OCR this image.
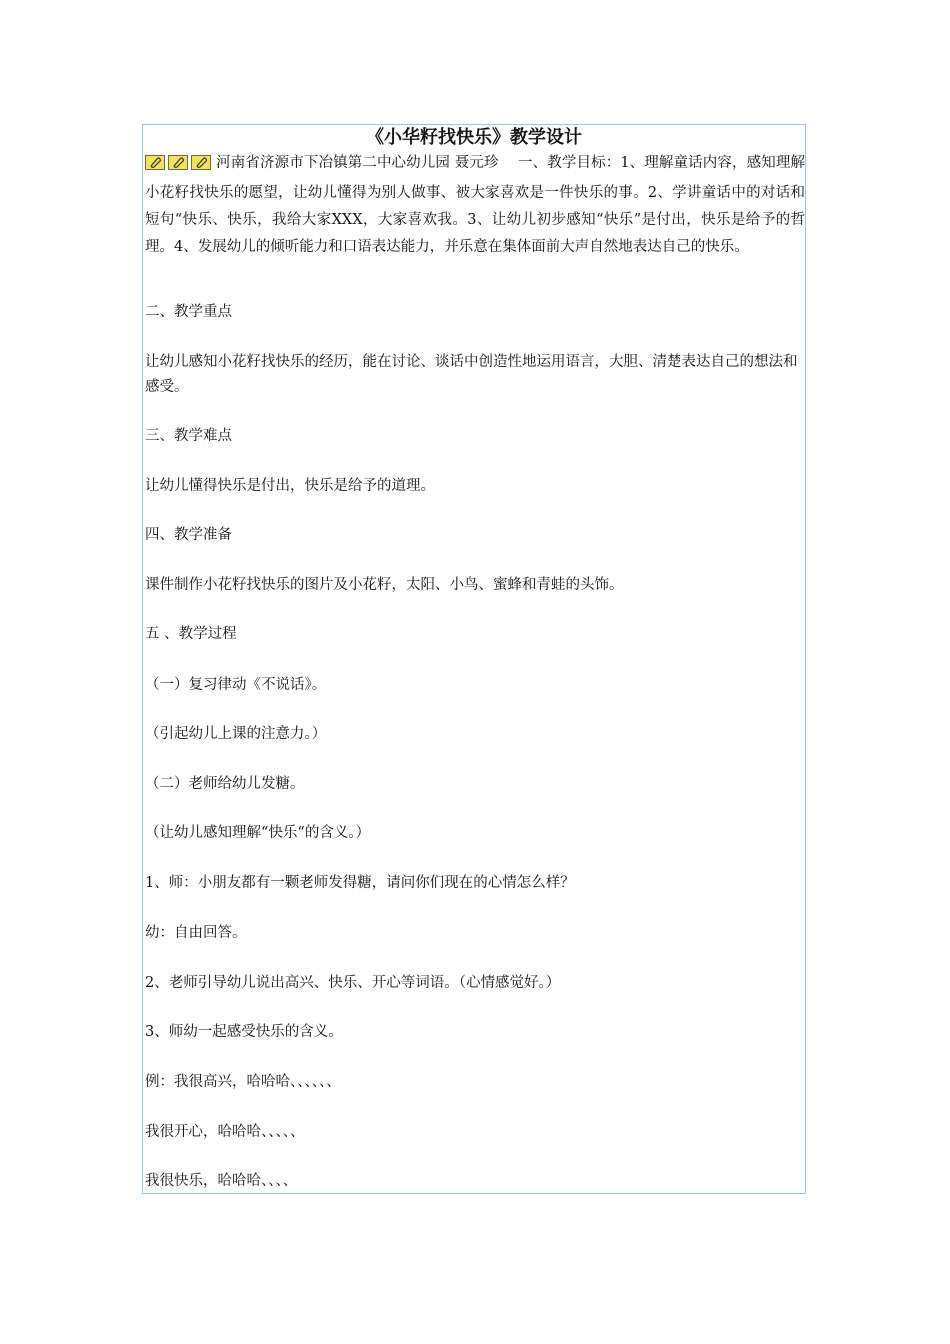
《小华籽找快乐》教学设计
河南省济源市下冶镇第二中心幼儿园 聂元珍　 一、教学目标：1、理解童话内容，感知理解小花籽找快乐的愿望，让幼儿懂得为别人做事、被大家喜欢是一件快乐的事。2、学讲童话中的对话和短句“快乐、快乐，我给大家XXX，大家喜欢我。3、让幼儿初步感知“快乐”是付出，快乐是给予的哲理。4、发展幼儿的倾听能力和口语表达能力，并乐意在集体面前大声自然地表达自己的快乐。
二、教学重点
让幼儿感知小花籽找快乐的经历，能在讨论、谈话中创造性地运用语言，大胆、清楚表达自己的想法和感受。
三、教学难点
让幼儿懂得快乐是付出，快乐是给予的道理。
四、教学准备
课件制作小花籽找快乐的图片及小花籽，太阳、小鸟、蜜蜂和青蛙的头饰。
五 、教学过程
（一）复习律动《不说话》。
（引起幼儿上课的注意力。）
（二）老师给幼儿发糖。
（让幼儿感知理解“快乐“的含义。）
1、师：小朋友都有一颗老师发得糖，请问你们现在的心情怎么样？
幼：自由回答。
2、老师引导幼儿说出高兴、快乐、开心等词语。（心情感觉好。）
3、师幼一起感受快乐的含义。
例：我很高兴，哈哈哈、、、、、、
我很开心，哈哈哈、、、、、
我很快乐，哈哈哈、、、、
